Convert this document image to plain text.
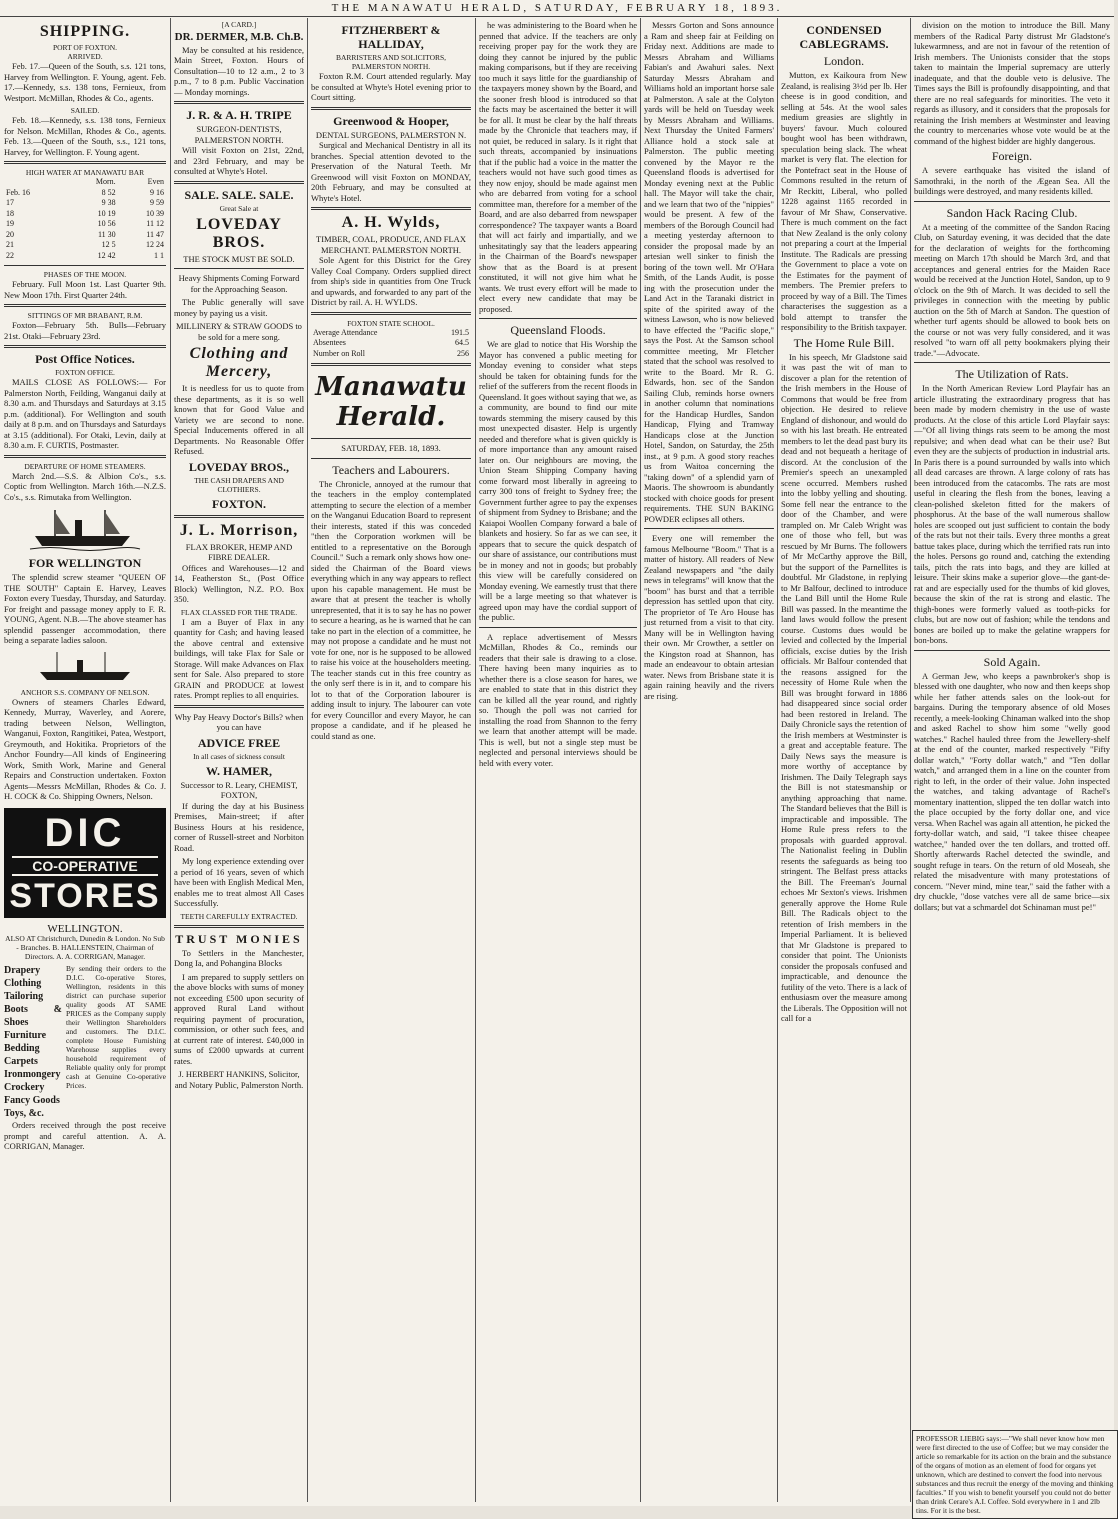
THE MANAWATU HERALD, SATURDAY, FEBRUARY 18, 1893.
SHIPPING.
PORT OF FOXTON.
ARRIVED.

Feb. 17.—Queen of the South, s.s. 121 tons, Harvey from Wellington. F. Young, agent. Feb. 17.—Kennedy, s.s. 138 tons, Fernieux, from Westport. McMillan, Rhodes & Co., agents.

SAILED.

Feb. 18.—Kennedy, s.s. 138 tons, Fernieux for Nelson. McMillan, Rhodes & Co., agents. Feb. 13.—Queen of the South, s.s., 121 tons, Harvey, for Wellington. F. Young agent.

HIGH WATER AT MANAWATU BAR
	Morn.	Even
Feb. 16	8 52	9 16
17	9 38	9 59
18	10 19	10 39
19	10 56	11 12
20	11 30	11 47
21	12 5	12 24
22	12 42	1 1
PHASES OF THE MOON.

February. Full Moon 1st. Last Quarter 9th. New Moon 17th. First Quarter 24th.

SITTINGS OF MR BRABANT, R.M.

Foxton—February 5th. Bulls—February 21st. Otaki—February 23rd.

Post Office Notices.
FOXTON OFFICE.

MAILS CLOSE AS FOLLOWS:— For Palmerston North, Feilding, Wanganui daily at 8.30 a.m. and Thursdays and Saturdays at 3.15 p.m. (additional). For Wellington and south daily at 8 p.m. and on Thursdays and Saturdays at 3.15 (additional). For Otaki, Levin, daily at 8.30 a.m. F. CURTIS, Postmaster.

DEPARTURE OF HOME STEAMERS.

March 2nd.—S.S. & Albion Co's., s.s. Coptic from Wellington. March 16th.—N.Z.S. Co's., s.s. Rimutaka from Wellington.

FOR WELLINGTON

The splendid screw steamer "QUEEN OF THE SOUTH" Captain E. Harvey, Leaves Foxton every Tuesday, Thursday, and Saturday. For freight and passage money apply to F. R. YOUNG, Agent. N.B.—The above steamer has splendid passenger accommodation, there being a separate ladies saloon.

ANCHOR S.S. COMPANY OF NELSON.

Owners of steamers Charles Edward, Kennedy, Murray, Waverley, and Aorere, trading between Nelson, Wellington, Wanganui, Foxton, Rangitikei, Patea, Westport, Greymouth, and Hokitika. Proprietors of the Anchor Foundry—All kinds of Engineering Work, Smith Work, Marine and General Repairs and Construction undertaken. Foxton Agents—Messrs McMillan, Rhodes & Co. J. H. COCK & Co. Shipping Owners, Nelson.

DIC
CO-OPERATIVE
STORES
WELLINGTON.

ALSO AT Christchurch, Dunedin & London. No Sub - Branches. B. HALLENSTEIN, Chairman of Directors. A. A. CORRIGAN, Manager.

Drapery
Clothing
Tailoring
Boots & Shoes
Furniture
Bedding
Carpets
Ironmongery
Crockery
Fancy Goods
Toys, &c.
By sending their orders to the D.I.C. Co-operative Stores, Wellington, residents in this district can purchase superior quality goods AT SAME PRICES as the Company supply their Wellington Shareholders and customers. The D.I.C. complete House Furnishing Warehouse supplies every household requirement of Reliable quality only for prompt cash at Genuine Co-operative Prices.

Orders received through the post receive prompt and careful attention. A. A. CORRIGAN, Manager.

[A CARD.]
DR. DERMER, M.B. Ch.B.

May be consulted at his residence, Main Street, Foxton. Hours of Consultation—10 to 12 a.m., 2 to 3 p.m., 7 to 8 p.m. Public Vaccination — Monday mornings.

J. R. & A. H. TRIPE
SURGEON-DENTISTS, PALMERSTON NORTH.

Will visit Foxton on 21st, 22nd, and 23rd February, and may be consulted at Whyte's Hotel.

SALE. SALE. SALE.
Great Sale at
LOVEDAY BROS.
THE STOCK MUST BE SOLD.

Heavy Shipments Coming Forward for the Approaching Season.

The Public generally will save money by paying us a visit.

MILLINERY & STRAW GOODS to be sold for a mere song.

Clothing and Mercery,

It is needless for us to quote from these departments, as it is so well known that for Good Value and Variety we are second to none. Special Inducements offered in all Departments. No Reasonable Offer Refused.

LOVEDAY BROS.,
THE CASH DRAPERS AND CLOTHIERS.
FOXTON.
J. L. Morrison,
FLAX BROKER, HEMP AND FIBRE DEALER.

Offices and Warehouses—12 and 14, Featherston St., (Post Office Block) Wellington, N.Z. P.O. Box 350.

FLAX CLASSED FOR THE TRADE.

I am a Buyer of Flax in any quantity for Cash; and having leased the above central and extensive buildings, will take Flax for Sale or Storage. Will make Advances on Flax sent for Sale. Also prepared to store GRAIN and PRODUCE at lowest rates. Prompt replies to all enquiries.

Why Pay Heavy Doctor's Bills? when you can have
ADVICE FREE
In all cases of sickness consult
W. HAMER,
Successor to R. Leary, CHEMIST, FOXTON,

If during the day at his Business Premises, Main-street; if after Business Hours at his residence, corner of Russell-street and Norbiton Road.

My long experience extending over a period of 16 years, seven of which have been with English Medical Men, enables me to treat almost All Cases Successfully.

TEETH CAREFULLY EXTRACTED.
TRUST MONIES

To Settlers in the Manchester, Dong Ia, and Pohangina Blocks

I am prepared to supply settlers on the above blocks with sums of money not exceeding £500 upon security of approved Rural Land without requiring payment of procuration, commission, or other such fees, and at current rate of interest. £40,000 in sums of £2000 upwards at current rates.

J. HERBERT HANKINS, Solicitor, and Notary Public, Palmerston North.

FITZHERBERT & HALLIDAY,
BARRISTERS AND SOLICITORS, PALMERSTON NORTH.

Foxton R.M. Court attended regularly. May be consulted at Whyte's Hotel evening prior to Court sitting.

Greenwood & Hooper,
DENTAL SURGEONS, PALMERSTON N.

Surgical and Mechanical Dentistry in all its branches. Special attention devoted to the Preservation of the Natural Teeth. Mr Greenwood will visit Foxton on MONDAY, 20th February, and may be consulted at Whyte's Hotel.

A. H. Wylds,
TIMBER, COAL, PRODUCE, AND FLAX MERCHANT. PALMERSTON NORTH.

Sole Agent for this District for the Grey Valley Coal Company. Orders supplied direct from ship's side in quantities from One Truck and upwards, and forwarded to any part of the District by rail. A. H. WYLDS.

FOXTON STATE SCHOOL.
Average Attendance	191.5
Absentees	64.5
Number on Roll	256
Manawatu Herald.
SATURDAY, FEB. 18, 1893.
Teachers and Labourers.

The Chronicle, annoyed at the rumour that the teachers in the employ contemplated attempting to secure the election of a member on the Wanganui Education Board to represent their interests, stated if this was conceded "then the Corporation workmen will be entitled to a representative on the Borough Council." Such a remark only shows how one-sided the Chairman of the Board views everything which in any way appears to reflect upon his capable management. He must be aware that at present the teacher is wholly unrepresented, that it is to say he has no power to secure a hearing, as he is warned that he can take no part in the election of a committee, he may not propose a candidate and he must not vote for one, nor is he supposed to be allowed to raise his voice at the householders meeting. The teacher stands cut in this free country as the only serf there is in it, and to compare his lot to that of the Corporation labourer is adding insult to injury. The labourer can vote for every Councillor and every Mayor, he can propose a candidate, and if he pleased he could stand as one.

he was administering to the Board when he penned that advice. If the teachers are only receiving proper pay for the work they are doing they cannot be injured by the public making comparisons, but if they are receiving too much it says little for the guardianship of the taxpayers money shown by the Board, and the sooner fresh blood is introduced so that the facts may be ascertained the better it will be for all. It must be clear by the half threats made by the Chronicle that teachers may, if not quiet, be reduced in salary. Is it right that such threats, accompanied by insinuations that if the public had a voice in the matter the teachers would not have such good times as they now enjoy, should be made against men who are debarred from voting for a school committee man, therefore for a member of the Board, and are also debarred from newspaper correspondence? The taxpayer wants a Board that will act fairly and impartially, and we unhesitatingly say that the leaders appearing in the Chairman of the Board's newspaper show that as the Board is at present constituted, it will not give him what he wants. We trust every effort will be made to elect every new candidate that may be proposed.

Queensland Floods.

We are glad to notice that His Worship the Mayor has convened a public meeting for Monday evening to consider what steps should be taken for obtaining funds for the relief of the sufferers from the recent floods in Queensland. It goes without saying that we, as a community, are bound to find our mite towards stemming the misery caused by this most unexpected disaster. Help is urgently needed and therefore what is given quickly is of more importance than any amount raised later on. Our neighbours are moving, the Union Steam Shipping Company having come forward most liberally in agreeing to carry 300 tons of freight to Sydney free; the Government further agree to pay the expenses of shipment from Sydney to Brisbane; and the Kaiapoi Woollen Company forward a bale of blankets and hosiery. So far as we can see, it appears that to secure the quick despatch of our share of assistance, our contributions must be in money and not in goods; but probably this view will be carefully considered on Monday evening. We earnestly trust that there will be a large meeting so that whatever is agreed upon may have the cordial support of the public.

A replace advertisement of Messrs McMillan, Rhodes & Co., reminds our readers that their sale is drawing to a close. There having been many inquiries as to whether there is a close season for hares, we are enabled to state that in this district they can be killed all the year round, and rightly so. Though the poll was not carried for installing the road from Shannon to the ferry we learn that another attempt will be made. This is well, but not a single step must be neglected and personal interviews should be held with every voter.

Messrs Gorton and Sons announce a Ram and sheep fair at Feilding on Friday next. Additions are made to Messrs Abraham and Williams Fabian's and Awahuri sales. Next Saturday Messrs Abraham and Williams hold an important horse sale at Palmerston. A sale at the Colyton yards will be held on Tuesday week by Messrs Abraham and Williams. Next Thursday the United Farmers' Alliance hold a stock sale at Palmerston. The public meeting convened by the Mayor re the Queensland floods is advertised for Monday evening next at the Public hall. The Mayor will take the chair, and we learn that two of the "nippies" would be present. A few of the members of the Borough Council had a meeting yesterday afternoon to consider the proposal made by an artesian well sinker to finish the boring of the town well. Mr O'Hara Smith, of the Lands Audit, is posse ing with the prosecution under the Land Act in the Taranaki district in spite of the spirited away of the witness Lawson, who is now believed to have effected the "Pacific slope," says the Post. At the Samson school committee meeting, Mr Fletcher stated that the school was resolved to write to the Board. Mr R. G. Edwards, hon. sec of the Sandon Sailing Club, reminds horse owners in another column that nominations for the Handicap Hurdles, Sandon Handicap, Flying and Tramway Handicaps close at the Junction Hotel, Sandon, on Saturday, the 25th inst., at 9 p.m. A good story reaches us from Waitoa concerning the "taking down" of a splendid yarn of Maoris. The showroom is abundantly stocked with choice goods for present requirements. THE SUN BAKING POWDER eclipses all others.

Every one will remember the famous Melbourne "Boom." That is a matter of history. All readers of New Zealand newspapers and "the daily news in telegrams" will know that the "boom" has burst and that a terrible depression has settled upon that city. The proprietor of Te Aro House has just returned from a visit to that city. Many will be in Wellington having their own. Mr Crowther, a settler on the Kingston road at Shannon, has made an endeavour to obtain artesian water. News from Brisbane state it is again raining heavily and the rivers are rising.

CONDENSED CABLEGRAMS.
London.

Mutton, ex Kaikoura from New Zealand, is realising 3½d per lb. Her cheese is in good condition, and selling at 54s. At the wool sales medium greasies are slightly in buyers' favour. Much coloured bought wool has been withdrawn, speculation being slack. The wheat market is very flat. The election for the Pontefract seat in the House of Commons resulted in the return of Mr Reckitt, Liberal, who polled 1228 against 1165 recorded in favour of Mr Shaw, Conservative. There is much comment on the fact that New Zealand is the only colony not preparing a court at the Imperial Institute. The Radicals are pressing the Government to place a vote on the Estimates for the payment of members. The Premier prefers to proceed by way of a Bill. The Times characterises the suggestion as a bold attempt to transfer the responsibility to the British taxpayer.

The Home Rule Bill.

In his speech, Mr Gladstone said it was past the wit of man to discover a plan for the retention of the Irish members in the House of Commons that would be free from objection. He desired to relieve England of dishonour, and would do so with his last breath. He entreated members to let the dead past bury its dead and not bequeath a heritage of discord. At the conclusion of the Premier's speech an unexampled scene occurred. Members rushed into the lobby yelling and shouting. Some fell near the entrance to the door of the Chamber, and were trampled on. Mr Caleb Wright was one of those who fell, but was rescued by Mr Burns. The followers of Mr McCarthy approve the Bill, but the support of the Parnellites is doubtful. Mr Gladstone, in replying to Mr Balfour, declined to introduce the Land Bill until the Home Rule Bill was passed. In the meantime the land laws would follow the present course. Customs dues would be levied and collected by the Imperial officials, excise duties by the Irish officials. Mr Balfour contended that the reasons assigned for the necessity of Home Rule when the Bill was brought forward in 1886 had disappeared since social order had been restored in Ireland. The Daily Chronicle says the retention of the Irish members at Westminster is a great and acceptable feature. The Daily News says the measure is more worthy of acceptance by Irishmen. The Daily Telegraph says the Bill is not statesmanship or anything approaching that name. The Standard believes that the Bill is impracticable and impossible. The Home Rule press refers to the proposals with guarded approval. The Nationalist feeling in Dublin resents the safeguards as being too stringent. The Belfast press attacks the Bill. The Freeman's Journal echoes Mr Sexton's views. Irishmen generally approve the Home Rule Bill. The Radicals object to the retention of Irish members in the Imperial Parliament. It is believed that Mr Gladstone is prepared to consider that point. The Unionists consider the proposals confused and impracticable, and denounce the futility of the veto. There is a lack of enthusiasm over the measure among the Liberals. The Opposition will not call for a

division on the motion to introduce the Bill. Many members of the Radical Party distrust Mr Gladstone's lukewarmness, and are not in favour of the retention of Irish members. The Unionists consider that the stops taken to maintain the Imperial supremacy are utterly inadequate, and that the double veto is delusive. The Times says the Bill is profoundly disappointing, and that there are no real safeguards for minorities. The veto it regards as illusory, and it considers that the proposals for retaining the Irish members at Westminster and leaving the country to mercenaries whose vote would be at the command of the highest bidder are highly dangerous.

Foreign.

A severe earthquake has visited the island of Samothraki, in the north of the Ægean Sea. All the buildings were destroyed, and many residents killed.

Sandon Hack Racing Club.

At a meeting of the committee of the Sandon Racing Club, on Saturday evening, it was decided that the date for the declaration of weights for the forthcoming meeting on March 17th should be March 3rd, and that acceptances and general entries for the Maiden Race would be received at the Junction Hotel, Sandon, up to 9 o'clock on the 9th of March. It was decided to sell the privileges in connection with the meeting by public auction on the 5th of March at Sandon. The question of whether turf agents should be allowed to book bets on the course or not was very fully considered, and it was resolved "to warn off all petty bookmakers plying their trade."—Advocate.

The Utilization of Rats.

In the North American Review Lord Playfair has an article illustrating the extraordinary progress that has been made by modern chemistry in the use of waste products. At the close of this article Lord Playfair says:—"Of all living things rats seem to be among the most repulsive; and when dead what can be their use? But even they are the subjects of production in industrial arts. In Paris there is a pound surrounded by walls into which all dead carcases are thrown. A large colony of rats has been introduced from the catacombs. The rats are most useful in clearing the flesh from the bones, leaving a clean-polished skeleton fitted for the makers of phosphorus. At the base of the wall numerous shallow holes are scooped out just sufficient to contain the body of the rats but not their tails. Every three months a great battue takes place, during which the terrified rats run into the holes. Persons go round and, catching the extending tails, pitch the rats into bags, and they are killed at leisure. Their skins make a superior glove—the gant-de-rat and are especially used for the thumbs of kid gloves, because the skin of the rat is strong and elastic. The thigh-bones were formerly valued as tooth-picks for clubs, but are now out of fashion; while the tendons and bones are boiled up to make the gelatine wrappers for bon-bons.

Sold Again.

A German Jew, who keeps a pawnbroker's shop is blessed with one daughter, who now and then keeps shop while her father attends sales on the look-out for bargains. During the temporary absence of old Moses recently, a meek-looking Chinaman walked into the shop and asked Rachel to show him some "welly good watches." Rachel hauled three from the Jewellery-shelf at the end of the counter, marked respectively "Fifty dollar watch," "Forty dollar watch," and "Ten dollar watch," and arranged them in a line on the counter from right to left, in the order of their value. John inspected the watches, and taking advantage of Rachel's momentary inattention, slipped the ten dollar watch into the place occupied by the forty dollar one, and vice versa. When Rachel was again all attention, he picked the forty-dollar watch, and said, "I takee thisee cheapee watchee," handed over the ten dollars, and trotted off. Shortly afterwards Rachel detected the swindle, and sought refuge in tears. On the return of old Moseah, she related the misadventure with many protestations of concern. "Never mind, mine tear," said the father with a dry chuckle, "dose vatches vere all de same brice—six dollars; but vat a schmardel dot Schinaman must pe!"

PROFESSOR LIEBIG says:—"We shall never know how men were first directed to the use of Coffee; but we may consider the article so remarkable for its action on the brain and the substance of the organs of motion as an element of food for organs yet unknown, which are destined to convert the food into nervous substances and thus recruit the energy of the moving and thinking faculties." If you wish to benefit yourself you could not do better than drink Cerare's A.I. Coffee. Sold everywhere in 1 and 2lb tins. For it is the best.
